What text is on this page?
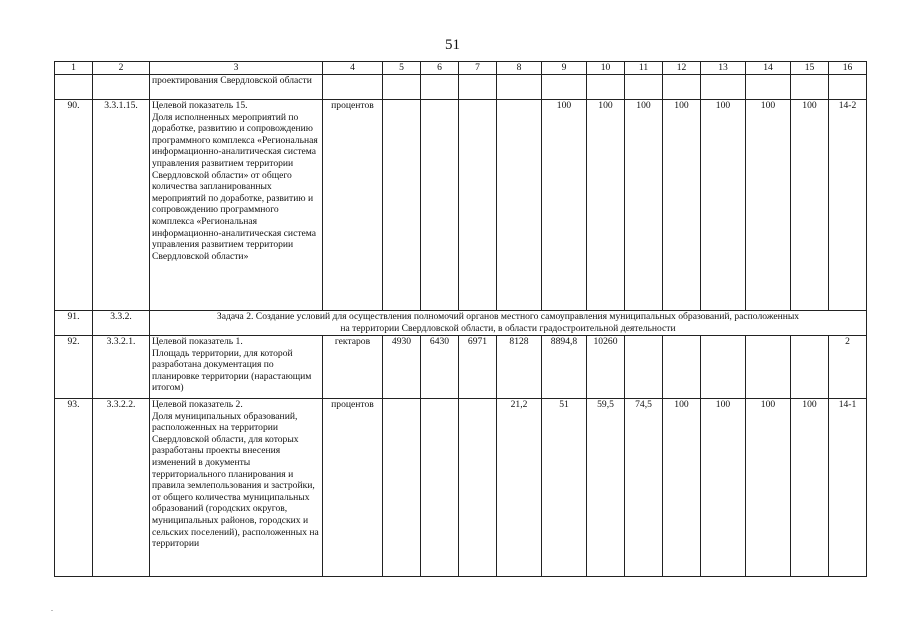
51
1	2	3	4	5	6	7	8	9	10	11	12	13	14	15	16
		проектирования Свердловской области													
90.	3.3.1.15.	Целевой показатель 15.
Доля исполненных мероприятий по доработке, развитию и сопровождению программного комплекса «Региональная информационно-аналитическая система управления развитием территории Свердловской области» от общего количества запланированных мероприятий по доработке, развитию и сопровождению программного комплекса «Региональная информационно-аналитическая система управления развитием территории Свердловской области»	процентов					100	100	100	100	100	100	100	14-2
91.	3.3.2.	Задача 2. Создание условий для осуществления полномочий органов местного самоуправления муниципальных образований, расположенных
на территории Свердловской области, в области градостроительной деятельности													

92.	3.3.2.1.	Целевой показатель 1.
Площадь территории, для которой разработана документация по планировке территории (нарастающим итогом)	гектаров	4930	6430	6971	8128	8894,8	10260						2
93.	3.3.2.2.	Целевой показатель 2.
Доля муниципальных образований, расположенных на территории Свердловской области, для которых разработаны проекты внесения изменений в документы территориального планирования и правила землепользования и застройки, от общего количества муниципальных образований (городских округов, муниципальных районов, городских и сельских поселений), расположенных на территории	процентов				21,2	51	59,5	74,5	100	100	100	100	14-1
.
